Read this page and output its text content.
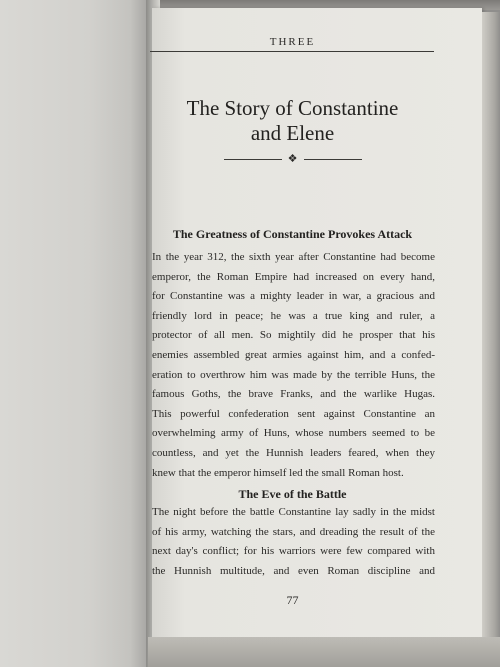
THREE
The Story of Constantine
and Elene
❖
The Greatness of Constantine Provokes Attack

In the year 312, the sixth year after Constantine had become
emperor, the Roman Empire had increased on every hand,
for Constantine was a mighty leader in war, a gracious and
friendly lord in peace; he was a true king and ruler, a
protector of all men. So mightily did he prosper that his
enemies assembled great armies against him, and a confed-
eration to overthrow him was made by the terrible Huns, the
famous Goths, the brave Franks, and the warlike Hugas.
This powerful confederation sent against Constantine an
overwhelming army of Huns, whose numbers seemed to be
countless, and yet the Hunnish leaders feared, when they
knew that the emperor himself led the small Roman host.

The Eve of the Battle

The night before the battle Constantine lay sadly in the midst
of his army, watching the stars, and dreading the result of the
next day's conflict; for his warriors were few compared with
the Hunnish multitude, and even Roman discipline and

77
